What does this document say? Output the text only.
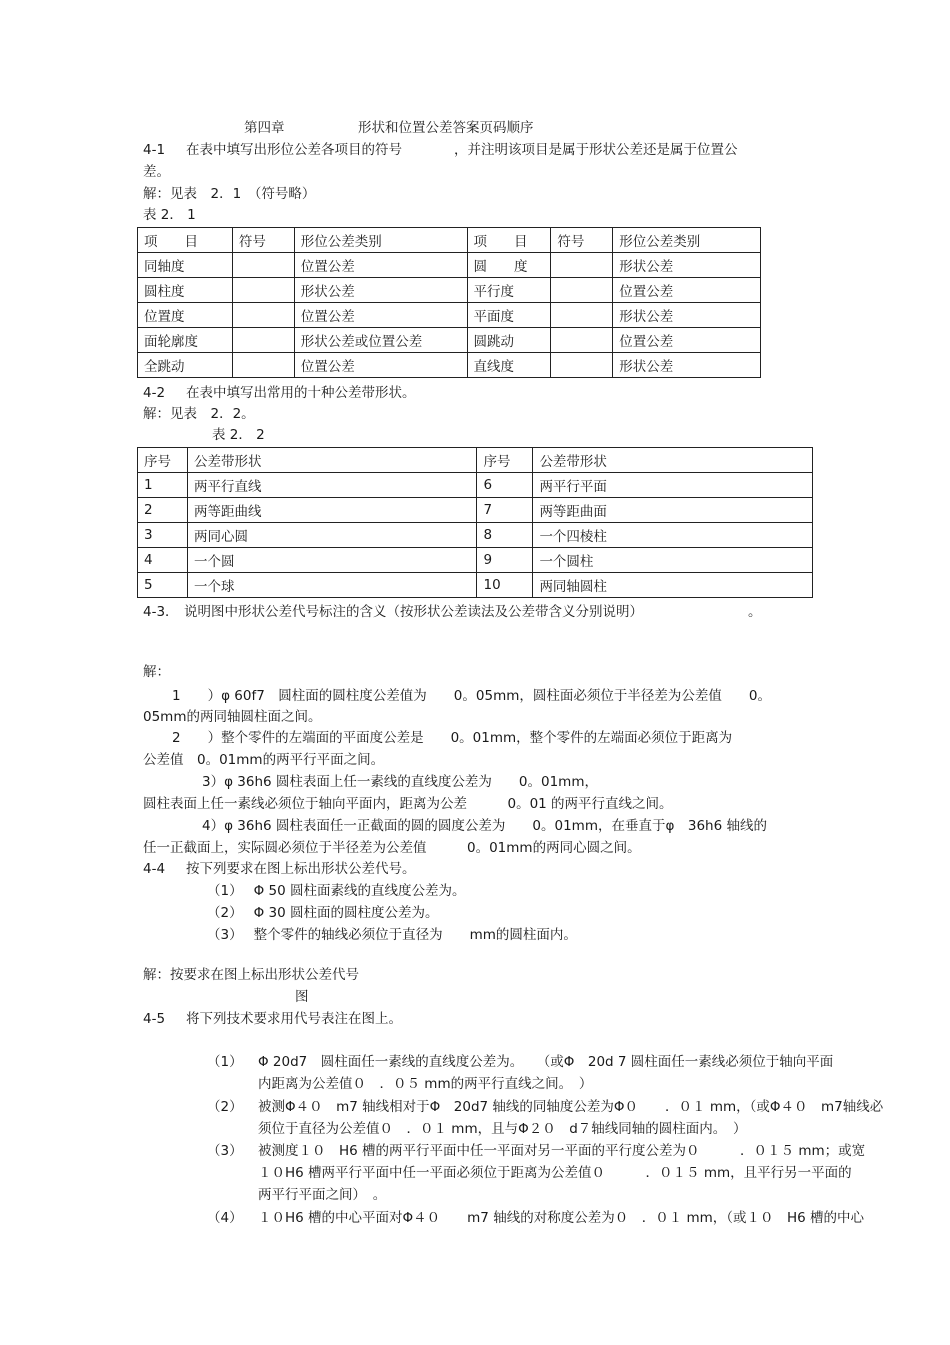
第四章	形状和位置公差答案页码顺序
4-1 在表中填写出形位公差各项目的符号	，并注明该项目是属于形状公差还是属于位置公
差。
解：见表　2．1　（符号略）
表 2． 1
项　　目	符号	形位公差类别	项　　目	符号	形位公差类别
同轴度		位置公差	圆　　度		形状公差
圆柱度		形状公差	平行度		位置公差
位置度		位置公差	平面度		形状公差
面轮廓度		形状公差或位置公差	圆跳动		位置公差
全跳动		位置公差	直线度		形状公差
4-2 在表中填写出常用的十种公差带形状。
解：见表　2．2。
表 2． 2
序号	公差带形状	序号	公差带形状
1	两平行直线	6	两平行平面
2	两等距曲线	7	两等距曲面
3	两同心圆	8	一个四棱柱
4	一个圆	9	一个圆柱
5	一个球	10	两同轴圆柱
4-3． 说明图中形状公差代号标注的含义（按形状公差读法及公差带含义分别说明）	。
解：
1　　）φ 60f7　圆柱面的圆柱度公差值为　　0。05mm，圆柱面必须位于半径差为公差值　　0。
05mm的两同轴圆柱面之间。
2　　）整个零件的左端面的平面度公差是　　0。01mm，整个零件的左端面必须位于距离为
公差值　0。01mm的两平行平面之间。
3）φ 36h6 圆柱表面上任一素线的直线度公差为　　0。01mm，
圆柱表面上任一素线必须位于轴向平面内，距离为公差　　　0。01 的两平行直线之间。
4）φ 36h6 圆柱表面任一正截面的圆的圆度公差为　　0。01mm，在垂直于φ　36h6 轴线的
任一正截面上，实际圆必须位于半径差为公差值　　　0。01mm的两同心圆之间。
4-4 按下列要求在图上标出形状公差代号。
（1）　 Φ 50 圆柱面素线的直线度公差为。
（2）　 Φ 30 圆柱面的圆柱度公差为。
（3）　 整个零件的轴线必须位于直径为　　mm的圆柱面内。
解：按要求在图上标出形状公差代号
图
4-5 将下列技术要求用代号表注在图上。
（1） Φ 20d7　圆柱面任一素线的直线度公差为。　　（或Φ　20d 7 圆柱面任一素线必须位于轴向平面
内距离为公差值０　．０５ mm的两平行直线之间。　）
（2） 被测Φ４０　m7 轴线相对于Φ　20d7 轴线的同轴度公差为Φ０　　．０１ mm，（或Φ４０　m7轴线必
须位于直径为公差值０　．０１ mm，且与Φ２０　d７轴线同轴的圆柱面内。　）
（3） 被测度１０　H6 槽的两平行平面中任一平面对另一平面的平行度公差为０　　　．０１５ mm；或宽
１０H6 槽两平行平面中任一平面必须位于距离为公差值０　　　．０１５ mm，且平行另一平面的
两平行平面之间）　。
（4） １０H6 槽的中心平面对Φ４０　　m7 轴线的对称度公差为０　．０１ mm，（或１０　H6 槽的中心
